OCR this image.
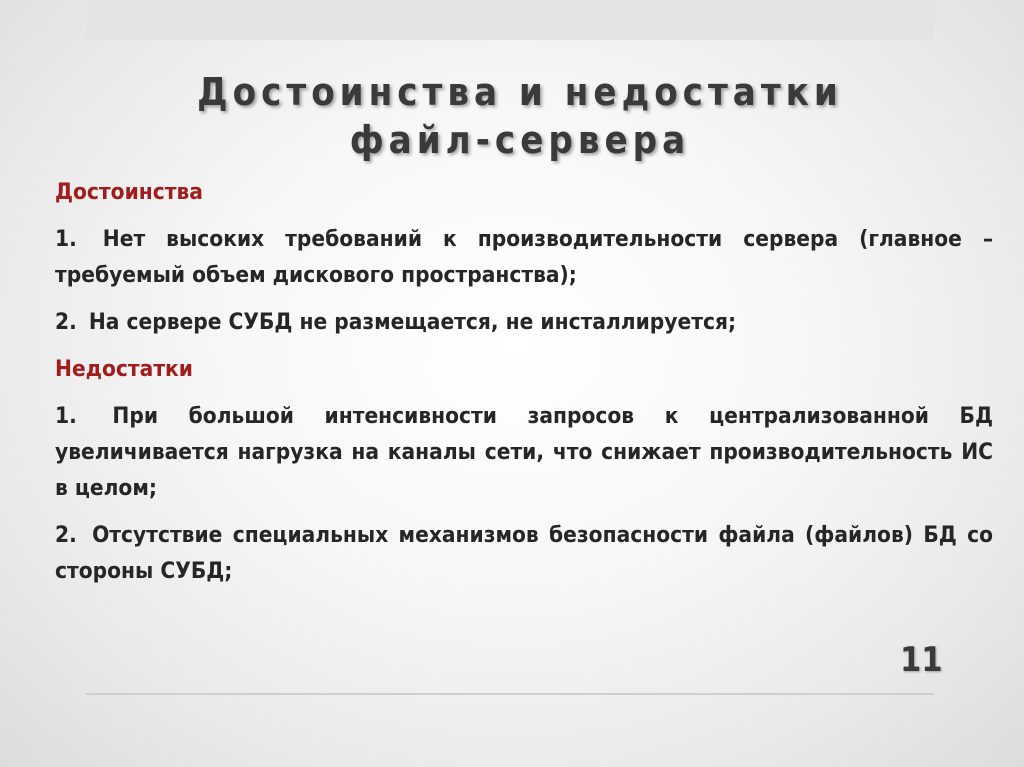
Достоинства и недостатки
файл-сервера
Достоинства
1. Нет высоких требований к производительности сервера (главное – требуемый объем дискового пространства);
2. На сервере СУБД не размещается, не инсталлируется;
Недостатки
1. При большой интенсивности запросов к централизованной БД увеличивается нагрузка на каналы сети, что снижает производительность ИС в целом;
2. Отсутствие специальных механизмов безопасности файла (файлов) БД со стороны СУБД;
11
